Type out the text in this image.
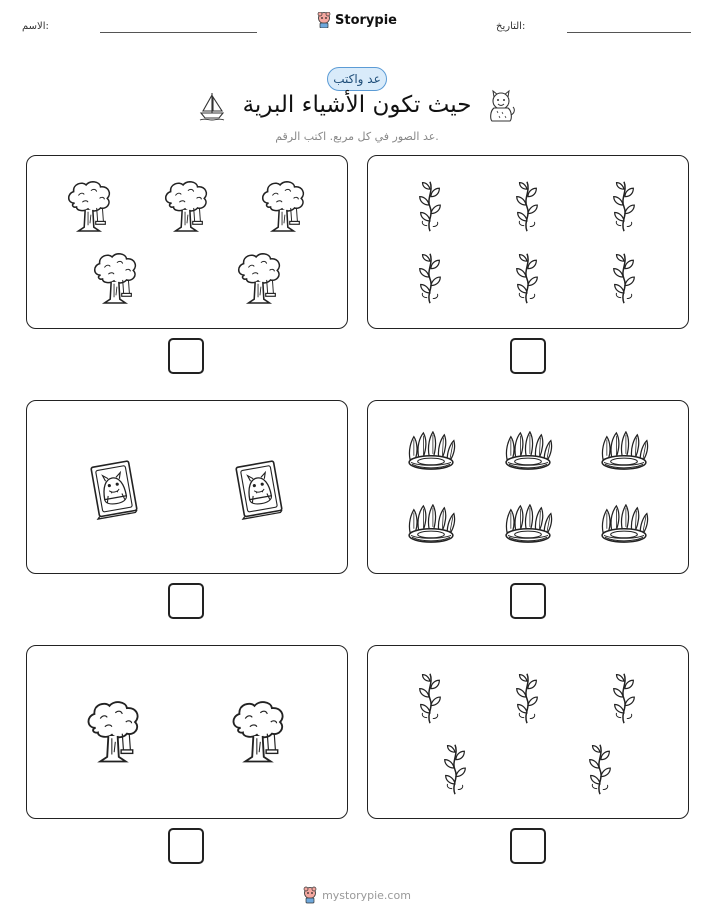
الاسم:	التاريخ:
Storypie
عد واكتب
حيث تكون الأشياء البرية
عد الصور في كل مربع. اكتب الرقم.
mystorypie.com
